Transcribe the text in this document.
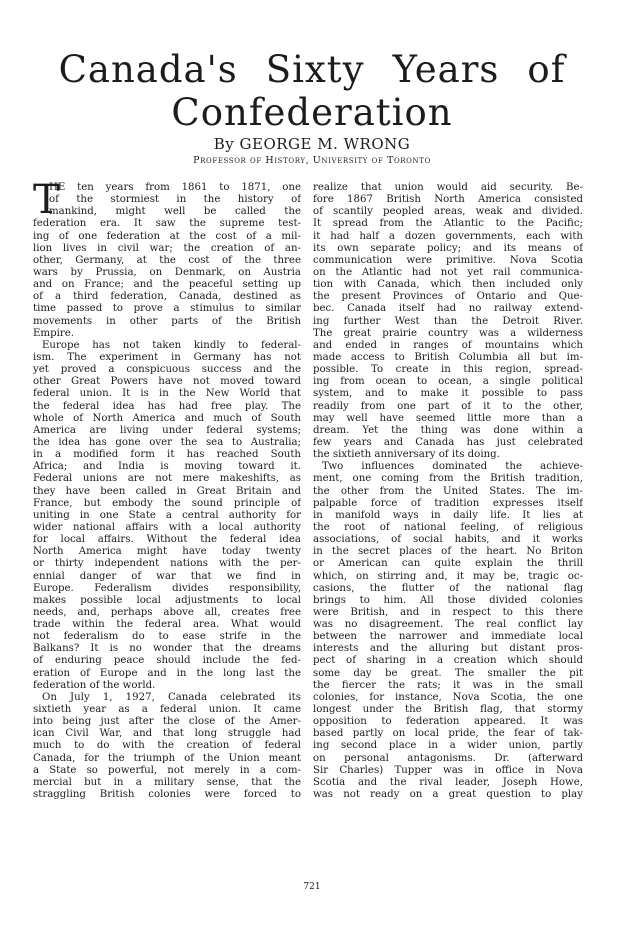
Canada's Sixty Years of
Confederation
By GEORGE M. WRONG
Professor of History, University of Toronto
T
HE ten years from 1861 to 1871, one
of the stormiest in the history of
mankind, might well be called the
federation era. It saw the supreme test-
ing of one federation at the cost of a mil-
lion lives in civil war; the creation of an-
other, Germany, at the cost of the three
wars by Prussia, on Denmark, on Austria
and on France; and the peaceful setting up
of a third federation, Canada, destined as
time passed to prove a stimulus to similar
movements in other parts of the British
Empire.
Europe has not taken kindly to federal-
ism. The experiment in Germany has not
yet proved a conspicuous success and the
other Great Powers have not moved toward
federal union. It is in the New World that
the federal idea has had free play. The
whole of North America and much of South
America are living under federal systems;
the idea has gone over the sea to Australia;
in a modified form it has reached South
Africa; and India is moving toward it.
Federal unions are not mere makeshifts, as
they have been called in Great Britain and
France, but embody the sound principle of
uniting in one State a central authority for
wider national affairs with a local authority
for local affairs. Without the federal idea
North America might have today twenty
or thirty independent nations with the per-
ennial danger of war that we find in
Europe. Federalism divides responsibility,
makes possible local adjustments to local
needs, and, perhaps above all, creates free
trade within the federal area. What would
not federalism do to ease strife in the
Balkans? It is no wonder that the dreams
of enduring peace should include the fed-
eration of Europe and in the long last the
federation of the world.
On July 1, 1927, Canada celebrated its
sixtieth year as a federal union. It came
into being just after the close of the Amer-
ican Civil War, and that long struggle had
much to do with the creation of federal
Canada, for the triumph of the Union meant
a State so powerful, not merely in a com-
mercial but in a military sense, that the
straggling British colonies were forced to
realize that union would aid security. Be-
fore 1867 British North America consisted
of scantily peopled areas, weak and divided.
It spread from the Atlantic to the Pacific;
it had half a dozen governments, each with
its own separate policy; and its means of
communication were primitive. Nova Scotia
on the Atlantic had not yet rail communica-
tion with Canada, which then included only
the present Provinces of Ontario and Que-
bec. Canada itself had no railway extend-
ing further West than the Detroit River.
The great prairie country was a wilderness
and ended in ranges of mountains which
made access to British Columbia all but im-
possible. To create in this region, spread-
ing from ocean to ocean, a single political
system, and to make it possible to pass
readily from one part of it to the other,
may well have seemed little more than a
dream. Yet the thing was done within a
few years and Canada has just celebrated
the sixtieth anniversary of its doing.
Two influences dominated the achieve-
ment, one coming from the British tradition,
the other from the United States. The im-
palpable force of tradition expresses itself
in manifold ways in daily life. It lies at
the root of national feeling, of religious
associations, of social habits, and it works
in the secret places of the heart. No Briton
or American can quite explain the thrill
which, on stirring and, it may be, tragic oc-
casions, the flutter of the national flag
brings to him. All those divided colonies
were British, and in respect to this there
was no disagreement. The real conflict lay
between the narrower and immediate local
interests and the alluring but distant pros-
pect of sharing in a creation which should
some day be great. The smaller the pit
the fiercer the rats; it was in the small
colonies, for instance, Nova Scotia, the one
longest under the British flag, that stormy
opposition to federation appeared. It was
based partly on local pride, the fear of tak-
ing second place in a wider union, partly
on personal antagonisms. Dr. (afterward
Sir Charles) Tupper was in office in Nova
Scotia and the rival leader, Joseph Howe,
was not ready on a great question to play
721
